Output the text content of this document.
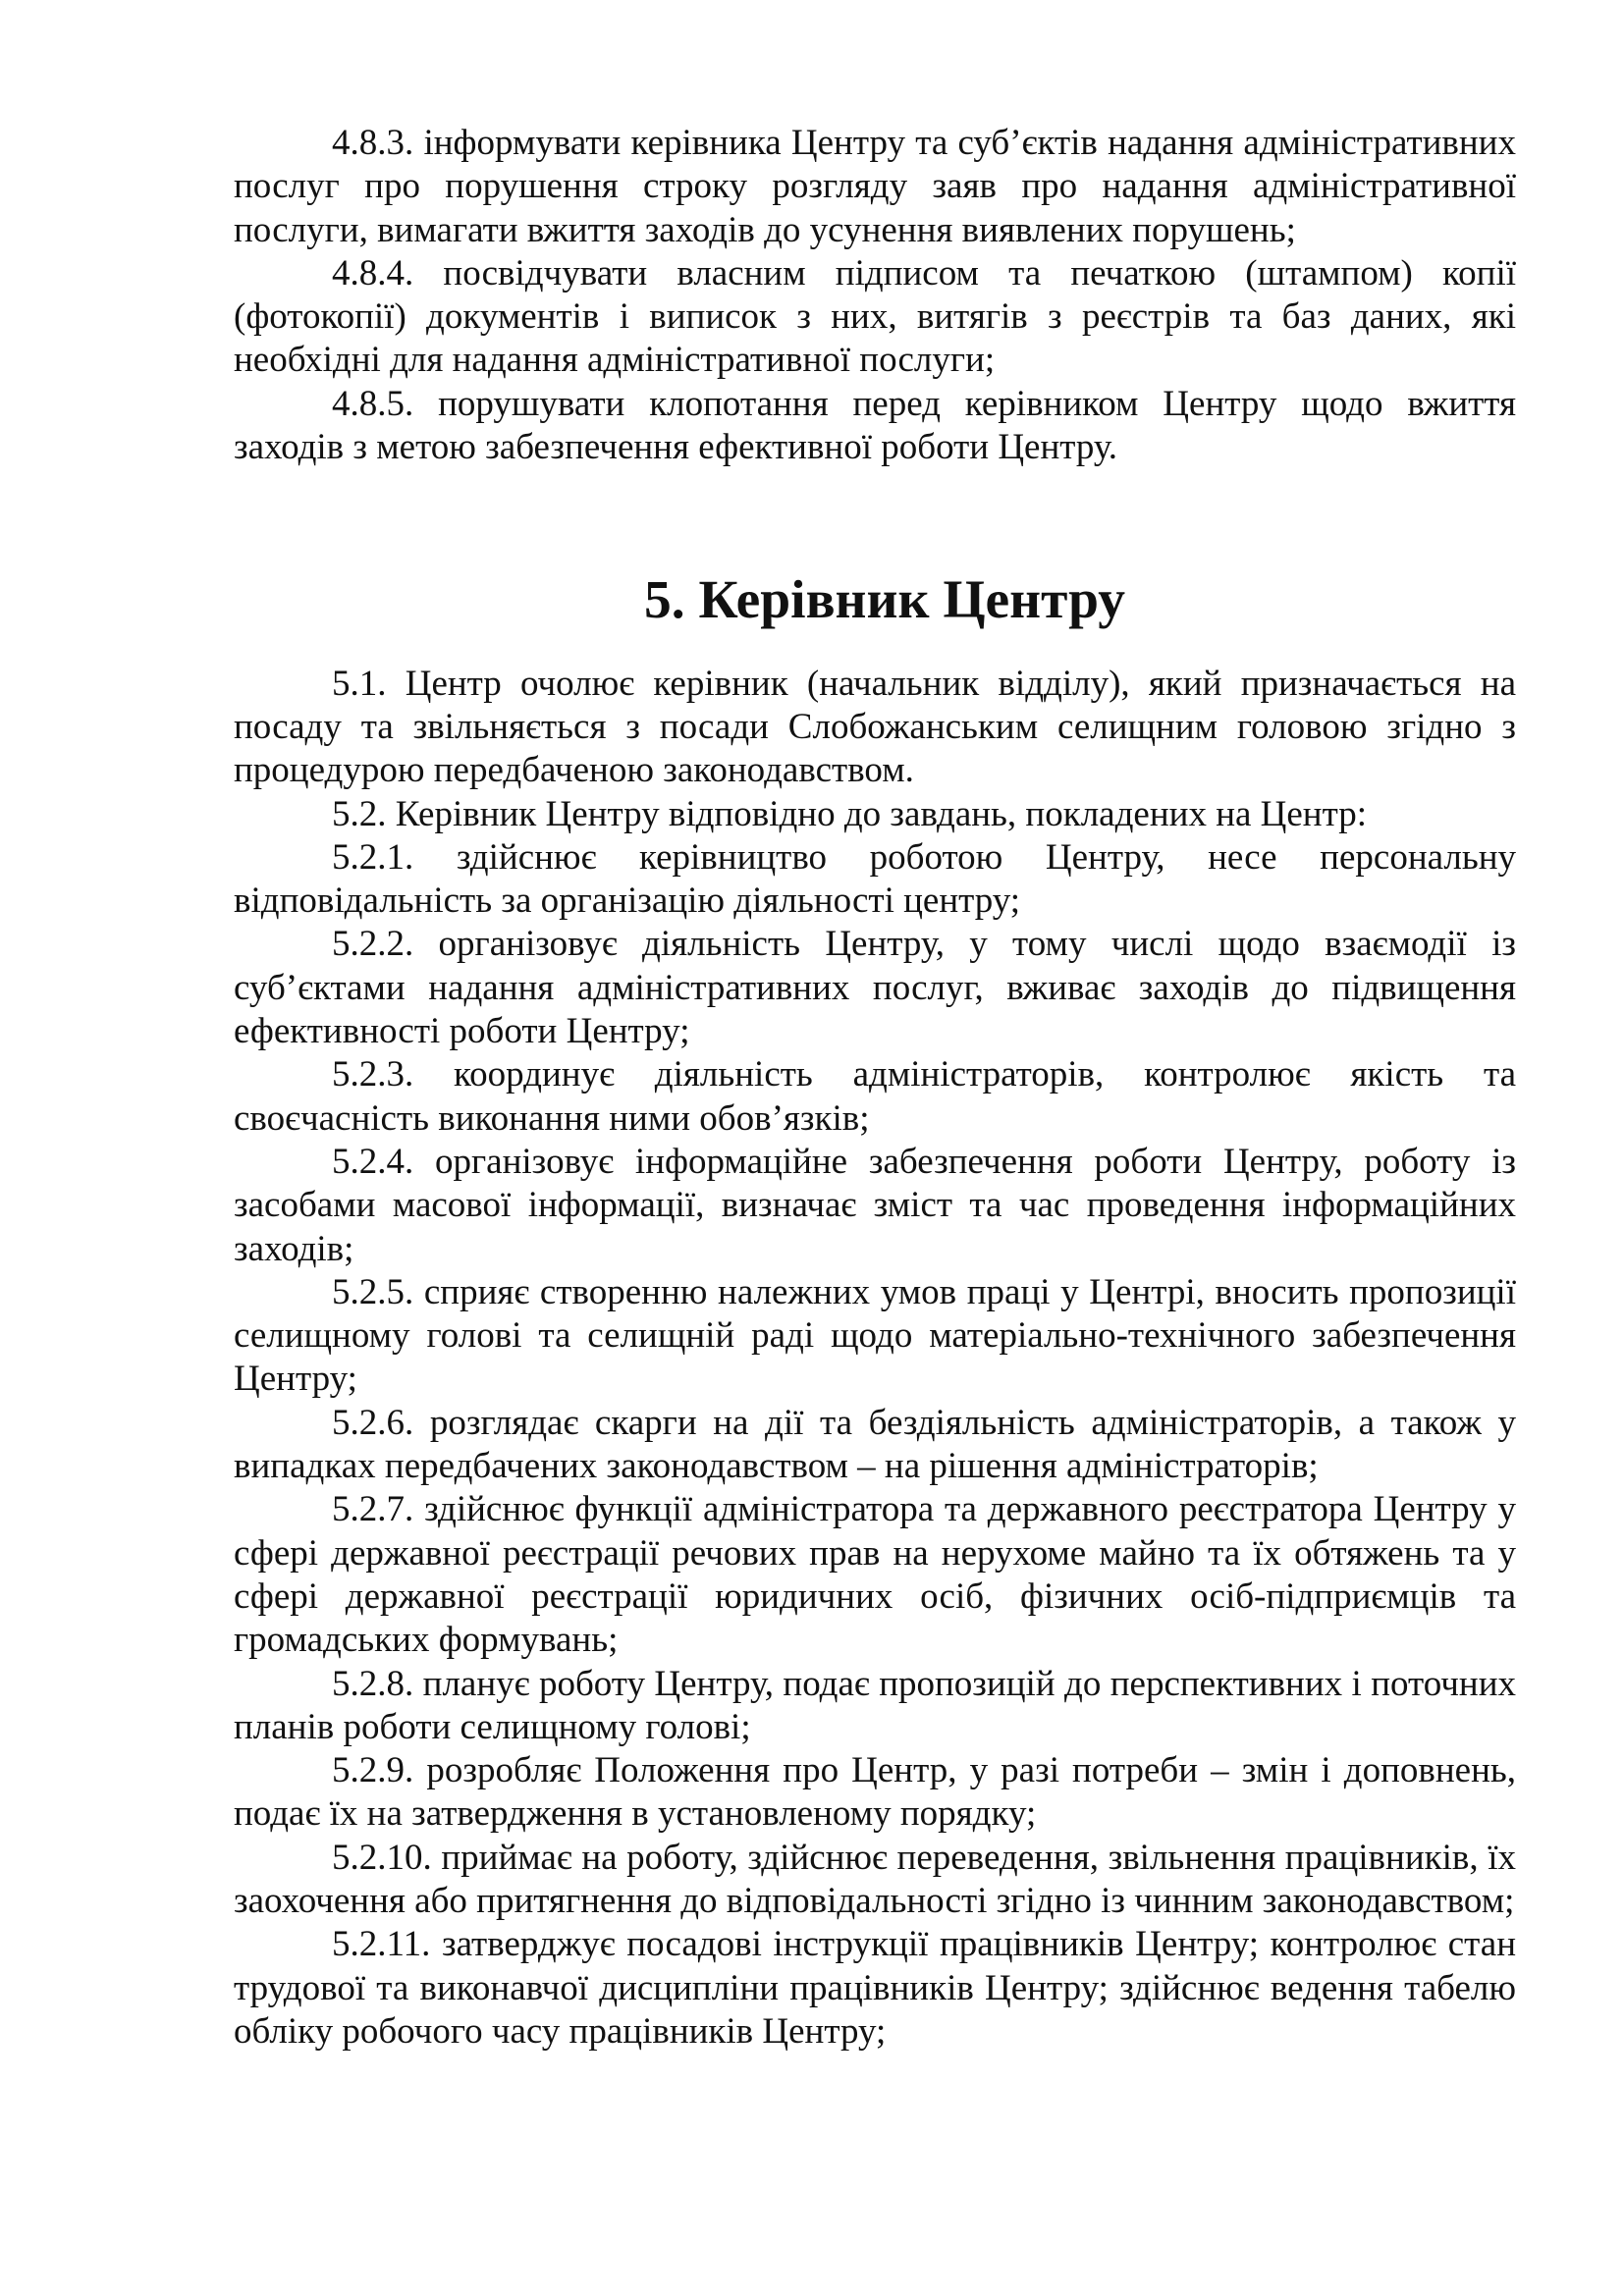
4.8.3. інформувати керівника Центру та суб’єктів надання адміністративних послуг про порушення строку розгляду заяв про надання адміністративної послуги, вимагати вжиття заходів до усунення виявлених порушень;

4.8.4. посвідчувати власним підписом та печаткою (штампом) копії (фотокопії) документів і виписок з них, витягів з реєстрів та баз даних, які необхідні для надання адміністративної послуги;

4.8.5. порушувати клопотання перед керівником Центру щодо вжиття заходів з метою забезпечення ефективної роботи Центру.

5. Керівник Центру

5.1. Центр очолює керівник (начальник відділу), який призначається на посаду та звільняється з посади Слобожанським селищним головою згідно з процедурою передбаченою законодавством.

5.2. Керівник Центру відповідно до завдань, покладених на Центр:

5.2.1. здійснює керівництво роботою Центру, несе персональну відповідальність за організацію діяльності центру;

5.2.2. організовує діяльність Центру, у тому числі щодо взаємодії із суб’єктами надання адміністративних послуг, вживає заходів до підвищення ефективності роботи Центру;

5.2.3. координує діяльність адміністраторів, контролює якість та своєчасність виконання ними обов’язків;

5.2.4. організовує інформаційне забезпечення роботи Центру, роботу із засобами масової інформації, визначає зміст та час проведення інформаційних заходів;

5.2.5. сприяє створенню належних умов праці у Центрі, вносить пропозиції селищному голові та селищній раді щодо матеріально-технічного забезпечення Центру;

5.2.6. розглядає скарги на дії та бездіяльність адміністраторів, а також у випадках передбачених законодавством – на рішення адміністраторів;

5.2.7. здійснює функції адміністратора та державного реєстратора Центру у сфері державної реєстрації речових прав на нерухоме майно та їх обтяжень та у сфері державної реєстрації юридичних осіб, фізичних осіб-підприємців та громадських формувань;

5.2.8. планує роботу Центру, подає пропозицій до перспективних і поточних планів роботи селищному голові;

5.2.9. розробляє Положення про Центр, у разі потреби – змін і доповнень, подає їх на затвердження в установленому порядку;

5.2.10. приймає на роботу, здійснює переведення, звільнення працівників, їх заохочення або притягнення до відповідальності згідно із чинним законодавством;

5.2.11. затверджує посадові інструкції працівників Центру; контролює стан трудової та виконавчої дисципліни працівників Центру; здійснює ведення табелю обліку робочого часу працівників Центру;
